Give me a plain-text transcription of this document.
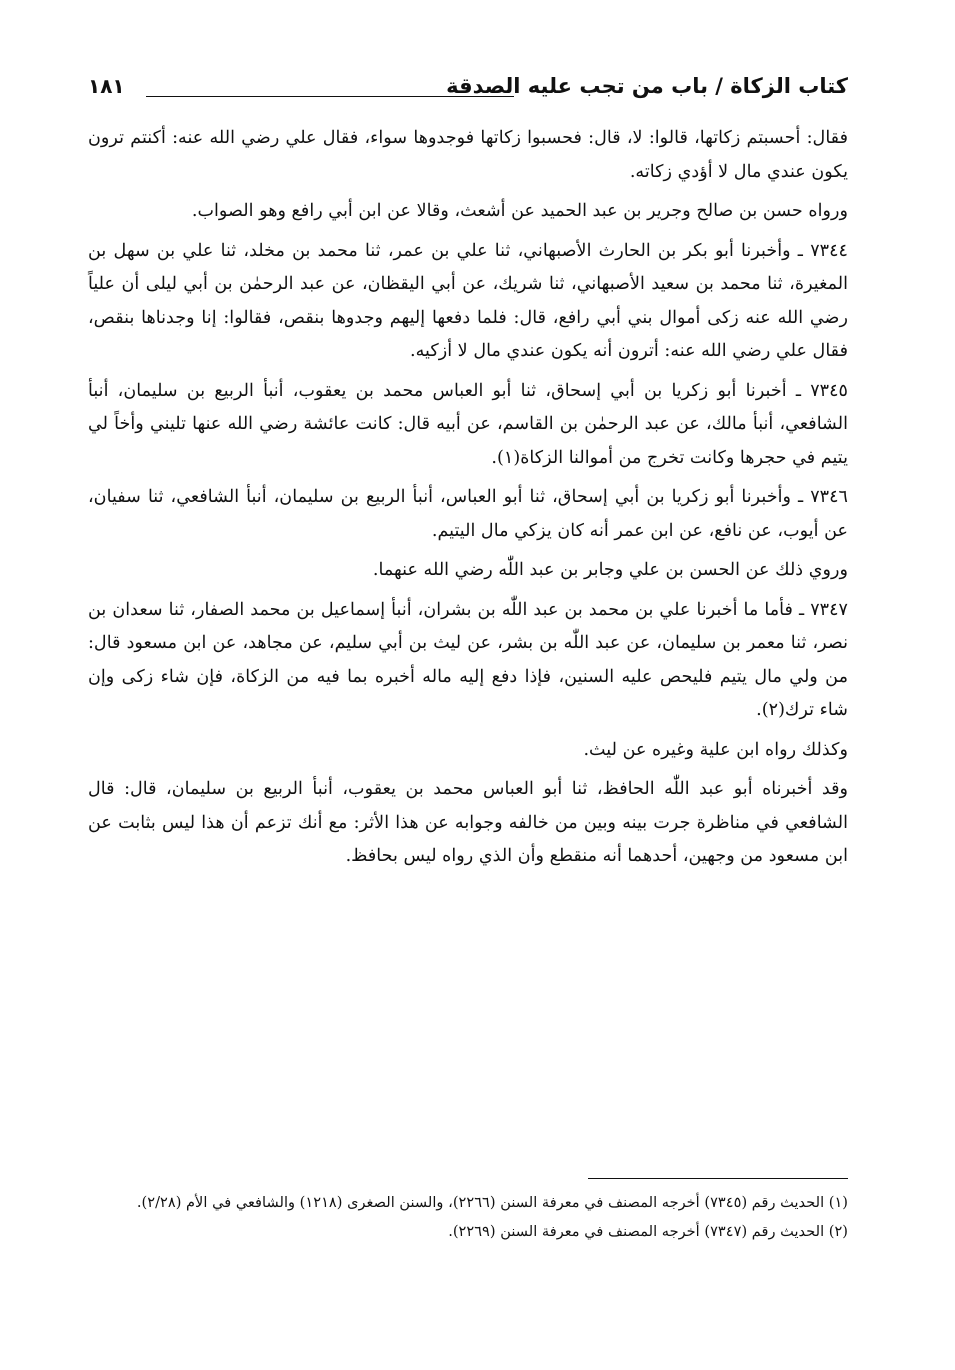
كتاب الزكاة / باب من تجب عليه الصدقة
١٨١

فقال: أحسبتم زكاتها، قالوا: لا، قال: فحسبوا زكاتها فوجدوها سواء، فقال علي رضي الله عنه: أكنتم ترون يكون عندي مال لا أؤدي زكاته.

ورواه حسن بن صالح وجرير بن عبد الحميد عن أشعث، وقالا عن ابن أبي رافع وهو الصواب.

٧٣٤٤ ـ وأخبرنا أبو بكر بن الحارث الأصبهاني، ثنا علي بن عمر، ثنا محمد بن مخلد، ثنا علي بن سهل بن المغيرة، ثنا محمد بن سعيد الأصبهاني، ثنا شريك، عن أبي اليقظان، عن عبد الرحمٰن بن أبي ليلى أن علياً رضي الله عنه زكى أموال بني أبي رافع، قال: فلما دفعها إليهم وجدوها بنقص، فقالوا: إنا وجدناها بنقص، فقال علي رضي الله عنه: أترون أنه يكون عندي مال لا أزكيه.

٧٣٤٥ ـ أخبرنا أبو زكريا بن أبي إسحاق، ثنا أبو العباس محمد بن يعقوب، أنبأ الربيع بن سليمان، أنبأ الشافعي، أنبأ مالك، عن عبد الرحمٰن بن القاسم، عن أبيه قال: كانت عائشة رضي الله عنها تليني وأخاً لي يتيم في حجرها وكانت تخرج من أموالنا الزكاة(١).

٧٣٤٦ ـ وأخبرنا أبو زكريا بن أبي إسحاق، ثنا أبو العباس، أنبأ الربيع بن سليمان، أنبأ الشافعي، ثنا سفيان، عن أيوب، عن نافع، عن ابن عمر أنه كان يزكي مال اليتيم.

وروي ذلك عن الحسن بن علي وجابر بن عبد اللّٰه رضي الله عنهما.

٧٣٤٧ ـ فأما ما أخبرنا علي بن محمد بن عبد اللّٰه بن بشران، أنبأ إسماعيل بن محمد الصفار، ثنا سعدان بن نصر، ثنا معمر بن سليمان، عن عبد اللّٰه بن بشر، عن ليث بن أبي سليم، عن مجاهد، عن ابن مسعود قال: من ولي مال يتيم فليحص عليه السنين، فإذا دفع إليه ماله أخبره بما فيه من الزكاة، فإن شاء زكى وإن شاء ترك(٢).

وكذلك رواه ابن علية وغيره عن ليث.

وقد أخبرناه أبو عبد اللّٰه الحافظ، ثنا أبو العباس محمد بن يعقوب، أنبأ الربيع بن سليمان، قال: قال الشافعي في مناظرة جرت بينه وبين من خالفه وجوابه عن هذا الأثر: مع أنك تزعم أن هذا ليس بثابت عن ابن مسعود من وجهين، أحدهما أنه منقطع وأن الذي رواه ليس بحافظ.

(١) الحديث رقم (٧٣٤٥) أخرجه المصنف في معرفة السنن (٢٢٦٦)، والسنن الصغرى (١٢١٨) والشافعي في الأم (٢/٢٨).
(٢) الحديث رقم (٧٣٤٧) أخرجه المصنف في معرفة السنن (٢٢٦٩).
